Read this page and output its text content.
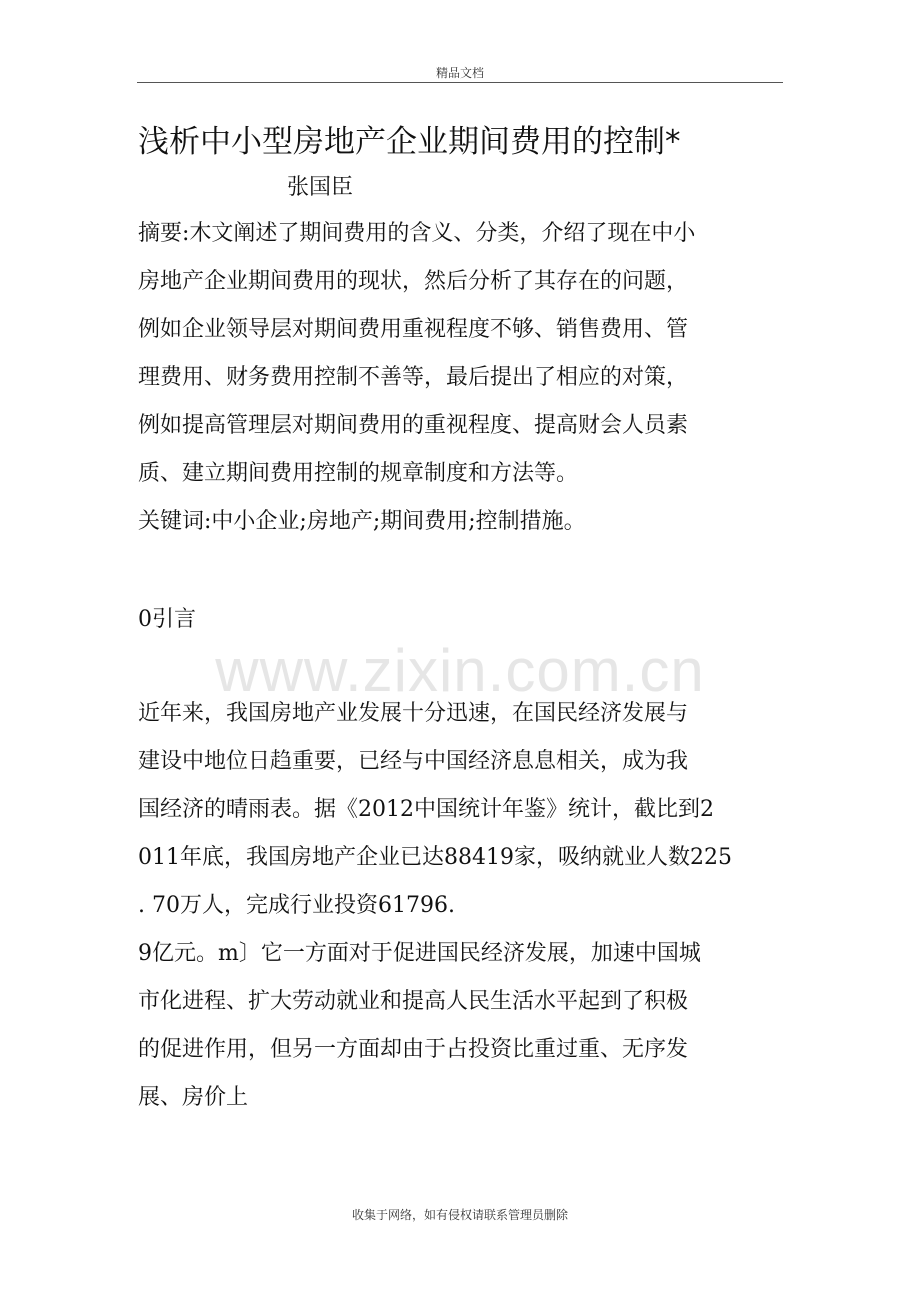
精品文档
浅析中小型房地产企业期间费用的控制*
张国臣
摘要:木文阐述了期间费用的含义、分类，介绍了现在中小
房地产企业期间费用的现状，然后分析了其存在的问题，
例如企业领导层对期间费用重视程度不够、销售费用、管
理费用、财务费用控制不善等，最后提出了相应的对策，
例如提高管理层对期间费用的重视程度、提高财会人员素
质、建立期间费用控制的规章制度和方法等。
关键词:中小企业;房地产;期间费用;控制措施。
0引言
www.zixin.com.cn
近年来，我国房地产业发展十分迅速，在国民经济发展与
建设中地位日趋重要，已经与中国经济息息相关，成为我
国经济的晴雨表。据《2012中国统计年鉴》统计，截比到2
011年底，我国房地产企业已达88419家，吸纳就业人数225
. 70万人，完成行业投资61796.
9亿元。m〕它一方面对于促进国民经济发展，加速中国城
市化进程、扩大劳动就业和提高人民生活水平起到了积极
的促进作用，但另一方面却由于占投资比重过重、无序发
展、房价上
收集于网络，如有侵权请联系管理员删除
